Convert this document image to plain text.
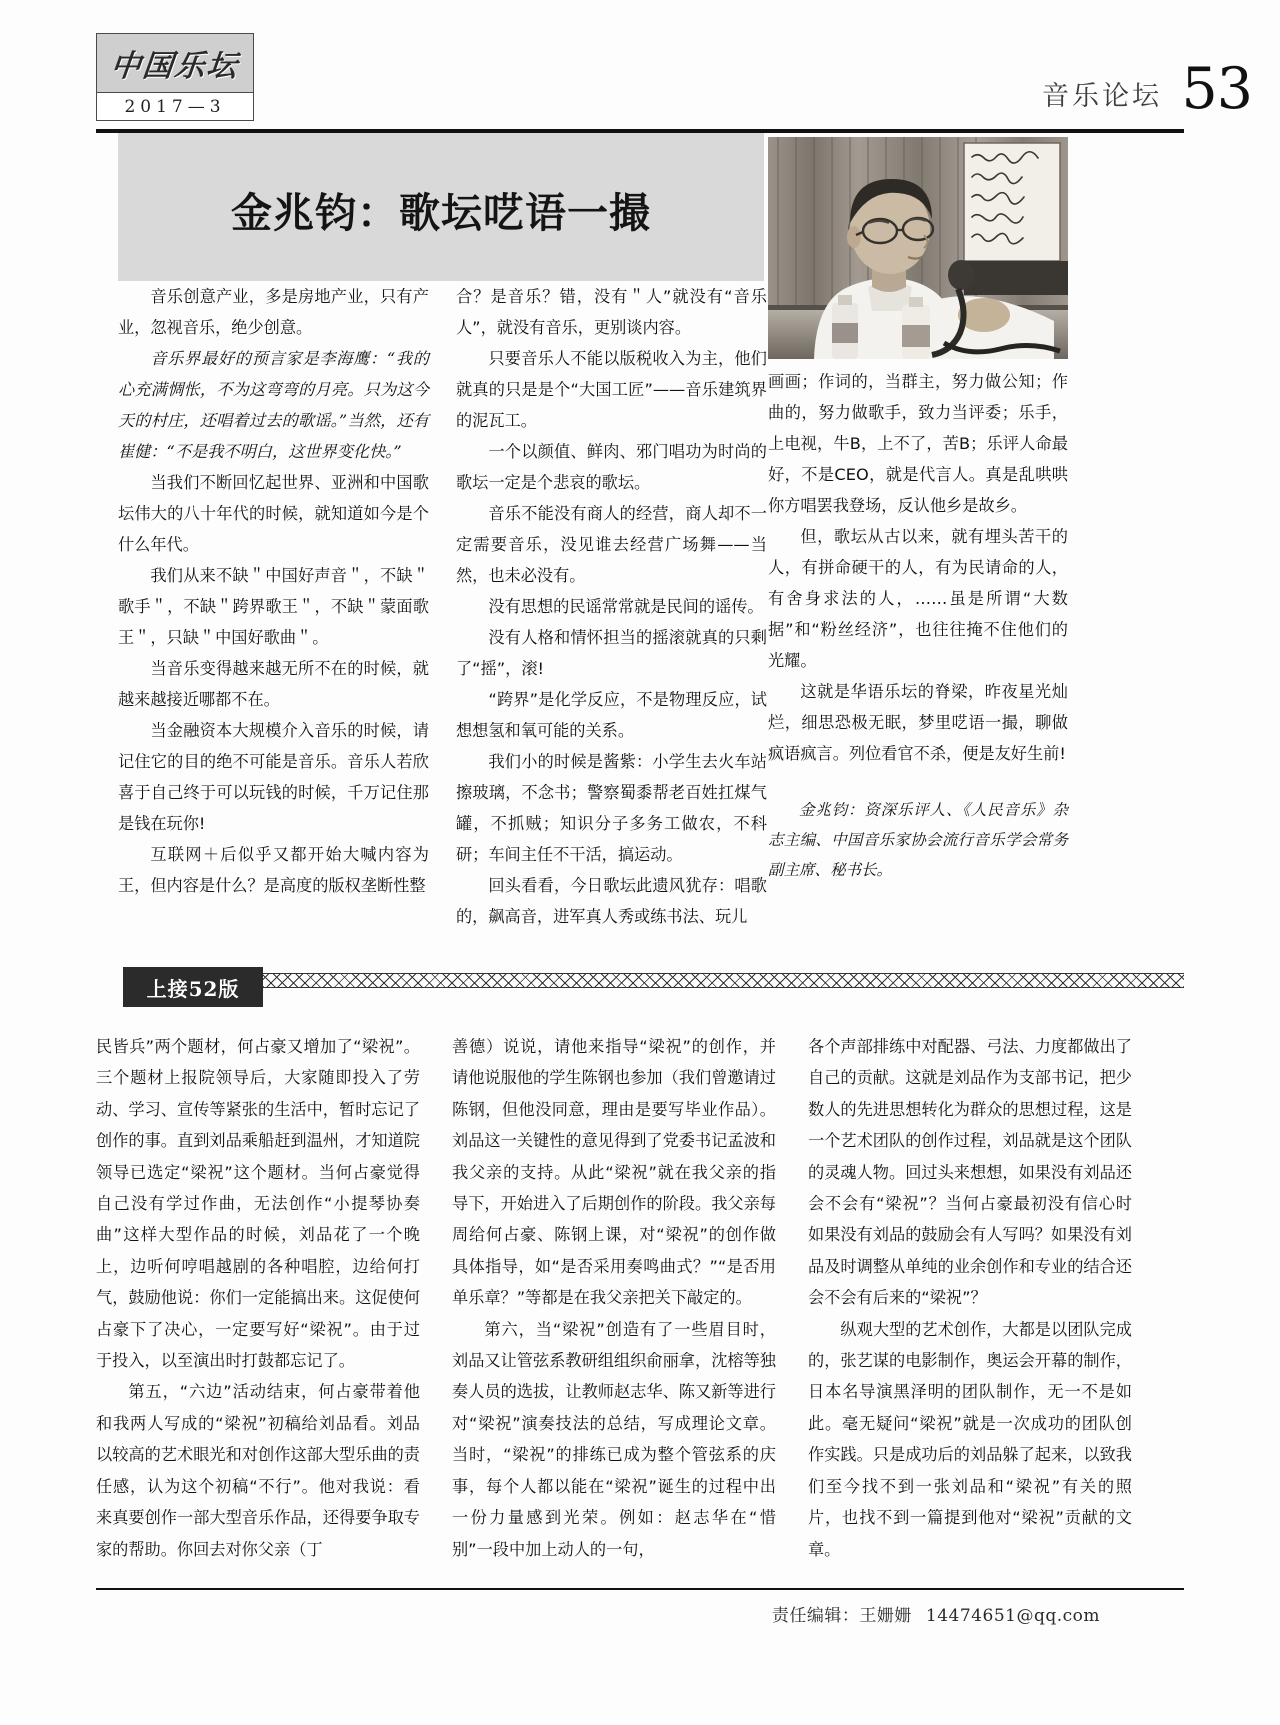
中国乐坛
2017—3	音乐论坛 53
金兆钧：歌坛呓语一撮

音乐创意产业，多是房地产业，只有产业，忽视音乐，绝少创意。

音乐界最好的预言家是李海鹰：“我的心充满惆怅，不为这弯弯的月亮。只为这今天的村庄，还唱着过去的歌谣。”当然，还有崔健：“不是我不明白，这世界变化快。”

当我们不断回忆起世界、亚洲和中国歌坛伟大的八十年代的时候，就知道如今是个什么年代。

我们从来不缺＂中国好声音＂，不缺＂歌手＂，不缺＂跨界歌王＂，不缺＂蒙面歌王＂，只缺＂中国好歌曲＂。

当音乐变得越来越无所不在的时候，就越来越接近哪都不在。

当金融资本大规模介入音乐的时候，请记住它的目的绝不可能是音乐。音乐人若欣喜于自己终于可以玩钱的时候，千万记住那是钱在玩你!

互联网＋后似乎又都开始大喊内容为王，但内容是什么？是高度的版权垄断性整

合？是音乐？错，没有＂人”就没有“音乐人”，就没有音乐，更别谈内容。

只要音乐人不能以版税收入为主，他们就真的只是是个“大国工匠”——音乐建筑界的泥瓦工。

一个以颜值、鲜肉、邪门唱功为时尚的歌坛一定是个悲哀的歌坛。

音乐不能没有商人的经营，商人却不一定需要音乐，没见谁去经营广场舞——当然，也未必没有。

没有思想的民谣常常就是民间的谣传。

没有人格和情怀担当的摇滚就真的只剩了“摇”，滚!

“跨界”是化学反应，不是物理反应，试想想氢和氧可能的关系。

我们小的时候是酱紫：小学生去火车站擦玻璃，不念书；警察蜀黍帮老百姓扛煤气罐，不抓贼；知识分子多务工做农，不科研；车间主任不干活，搞运动。

回头看看，今日歌坛此遗风犹存：唱歌的，飙高音，进军真人秀或练书法、玩儿

画画；作词的，当群主，努力做公知；作曲的，努力做歌手，致力当评委；乐手，上电视，牛B，上不了，苦B；乐评人命最好，不是CEO，就是代言人。真是乱哄哄你方唱罢我登场，反认他乡是故乡。

但，歌坛从古以来，就有埋头苦干的人，有拼命硬干的人，有为民请命的人，有舍身求法的人，……虽是所谓“大数据”和“粉丝经济”，也往往掩不住他们的光耀。

这就是华语乐坛的脊梁，昨夜星光灿烂，细思恐极无眠，梦里呓语一撮，聊做疯语疯言。列位看官不杀，便是友好生前!

金兆钧：资深乐评人、《人民音乐》杂志主编、中国音乐家协会流行音乐学会常务副主席、秘书长。

上接52版

民皆兵”两个题材，何占豪又增加了“梁祝”。三个题材上报院领导后，大家随即投入了劳动、学习、宣传等紧张的生活中，暂时忘记了创作的事。直到刘品乘船赶到温州，才知道院领导已选定“梁祝”这个题材。当何占豪觉得自己没有学过作曲，无法创作“小提琴协奏曲”这样大型作品的时候，刘品花了一个晚上，边听何哼唱越剧的各种唱腔，边给何打气，鼓励他说：你们一定能搞出来。这促使何占豪下了决心，一定要写好“梁祝”。由于过于投入，以至演出时打鼓都忘记了。

第五，“六边”活动结束，何占豪带着他和我两人写成的“梁祝”初稿给刘品看。刘品以较高的艺术眼光和对创作这部大型乐曲的责任感，认为这个初稿“不行”。他对我说：看来真要创作一部大型音乐作品，还得要争取专家的帮助。你回去对你父亲（丁

善德）说说，请他来指导“梁祝”的创作，并请他说服他的学生陈钢也参加（我们曾邀请过陈钢，但他没同意，理由是要写毕业作品）。刘品这一关键性的意见得到了党委书记孟波和我父亲的支持。从此“梁祝”就在我父亲的指导下，开始进入了后期创作的阶段。我父亲每周给何占豪、陈钢上课，对“梁祝”的创作做具体指导，如“是否采用奏鸣曲式？”“是否用单乐章？”等都是在我父亲把关下敲定的。

第六，当“梁祝”创造有了一些眉目时，刘品又让管弦系教研组组织俞丽拿，沈榕等独奏人员的选拔，让教师赵志华、陈又新等进行对“梁祝”演奏技法的总结，写成理论文章。当时，“梁祝”的排练已成为整个管弦系的庆事，每个人都以能在“梁祝”诞生的过程中出一份力量感到光荣。例如：赵志华在“惜别”一段中加上动人的一句，

各个声部排练中对配器、弓法、力度都做出了自己的贡献。这就是刘品作为支部书记，把少数人的先进思想转化为群众的思想过程，这是一个艺术团队的创作过程，刘品就是这个团队的灵魂人物。回过头来想想，如果没有刘品还会不会有“梁祝”？当何占豪最初没有信心时如果没有刘品的鼓励会有人写吗？如果没有刘品及时调整从单纯的业余创作和专业的结合还会不会有后来的“梁祝”？

纵观大型的艺术创作，大都是以团队完成的，张艺谋的电影制作，奥运会开幕的制作，日本名导演黑泽明的团队制作，无一不是如此。毫无疑问“梁祝”就是一次成功的团队创作实践。只是成功后的刘品躲了起来，以致我们至今找不到一张刘品和“梁祝”有关的照片，也找不到一篇提到他对“梁祝”贡献的文章。

责任编辑：王姗姗 14474651@qq.com
